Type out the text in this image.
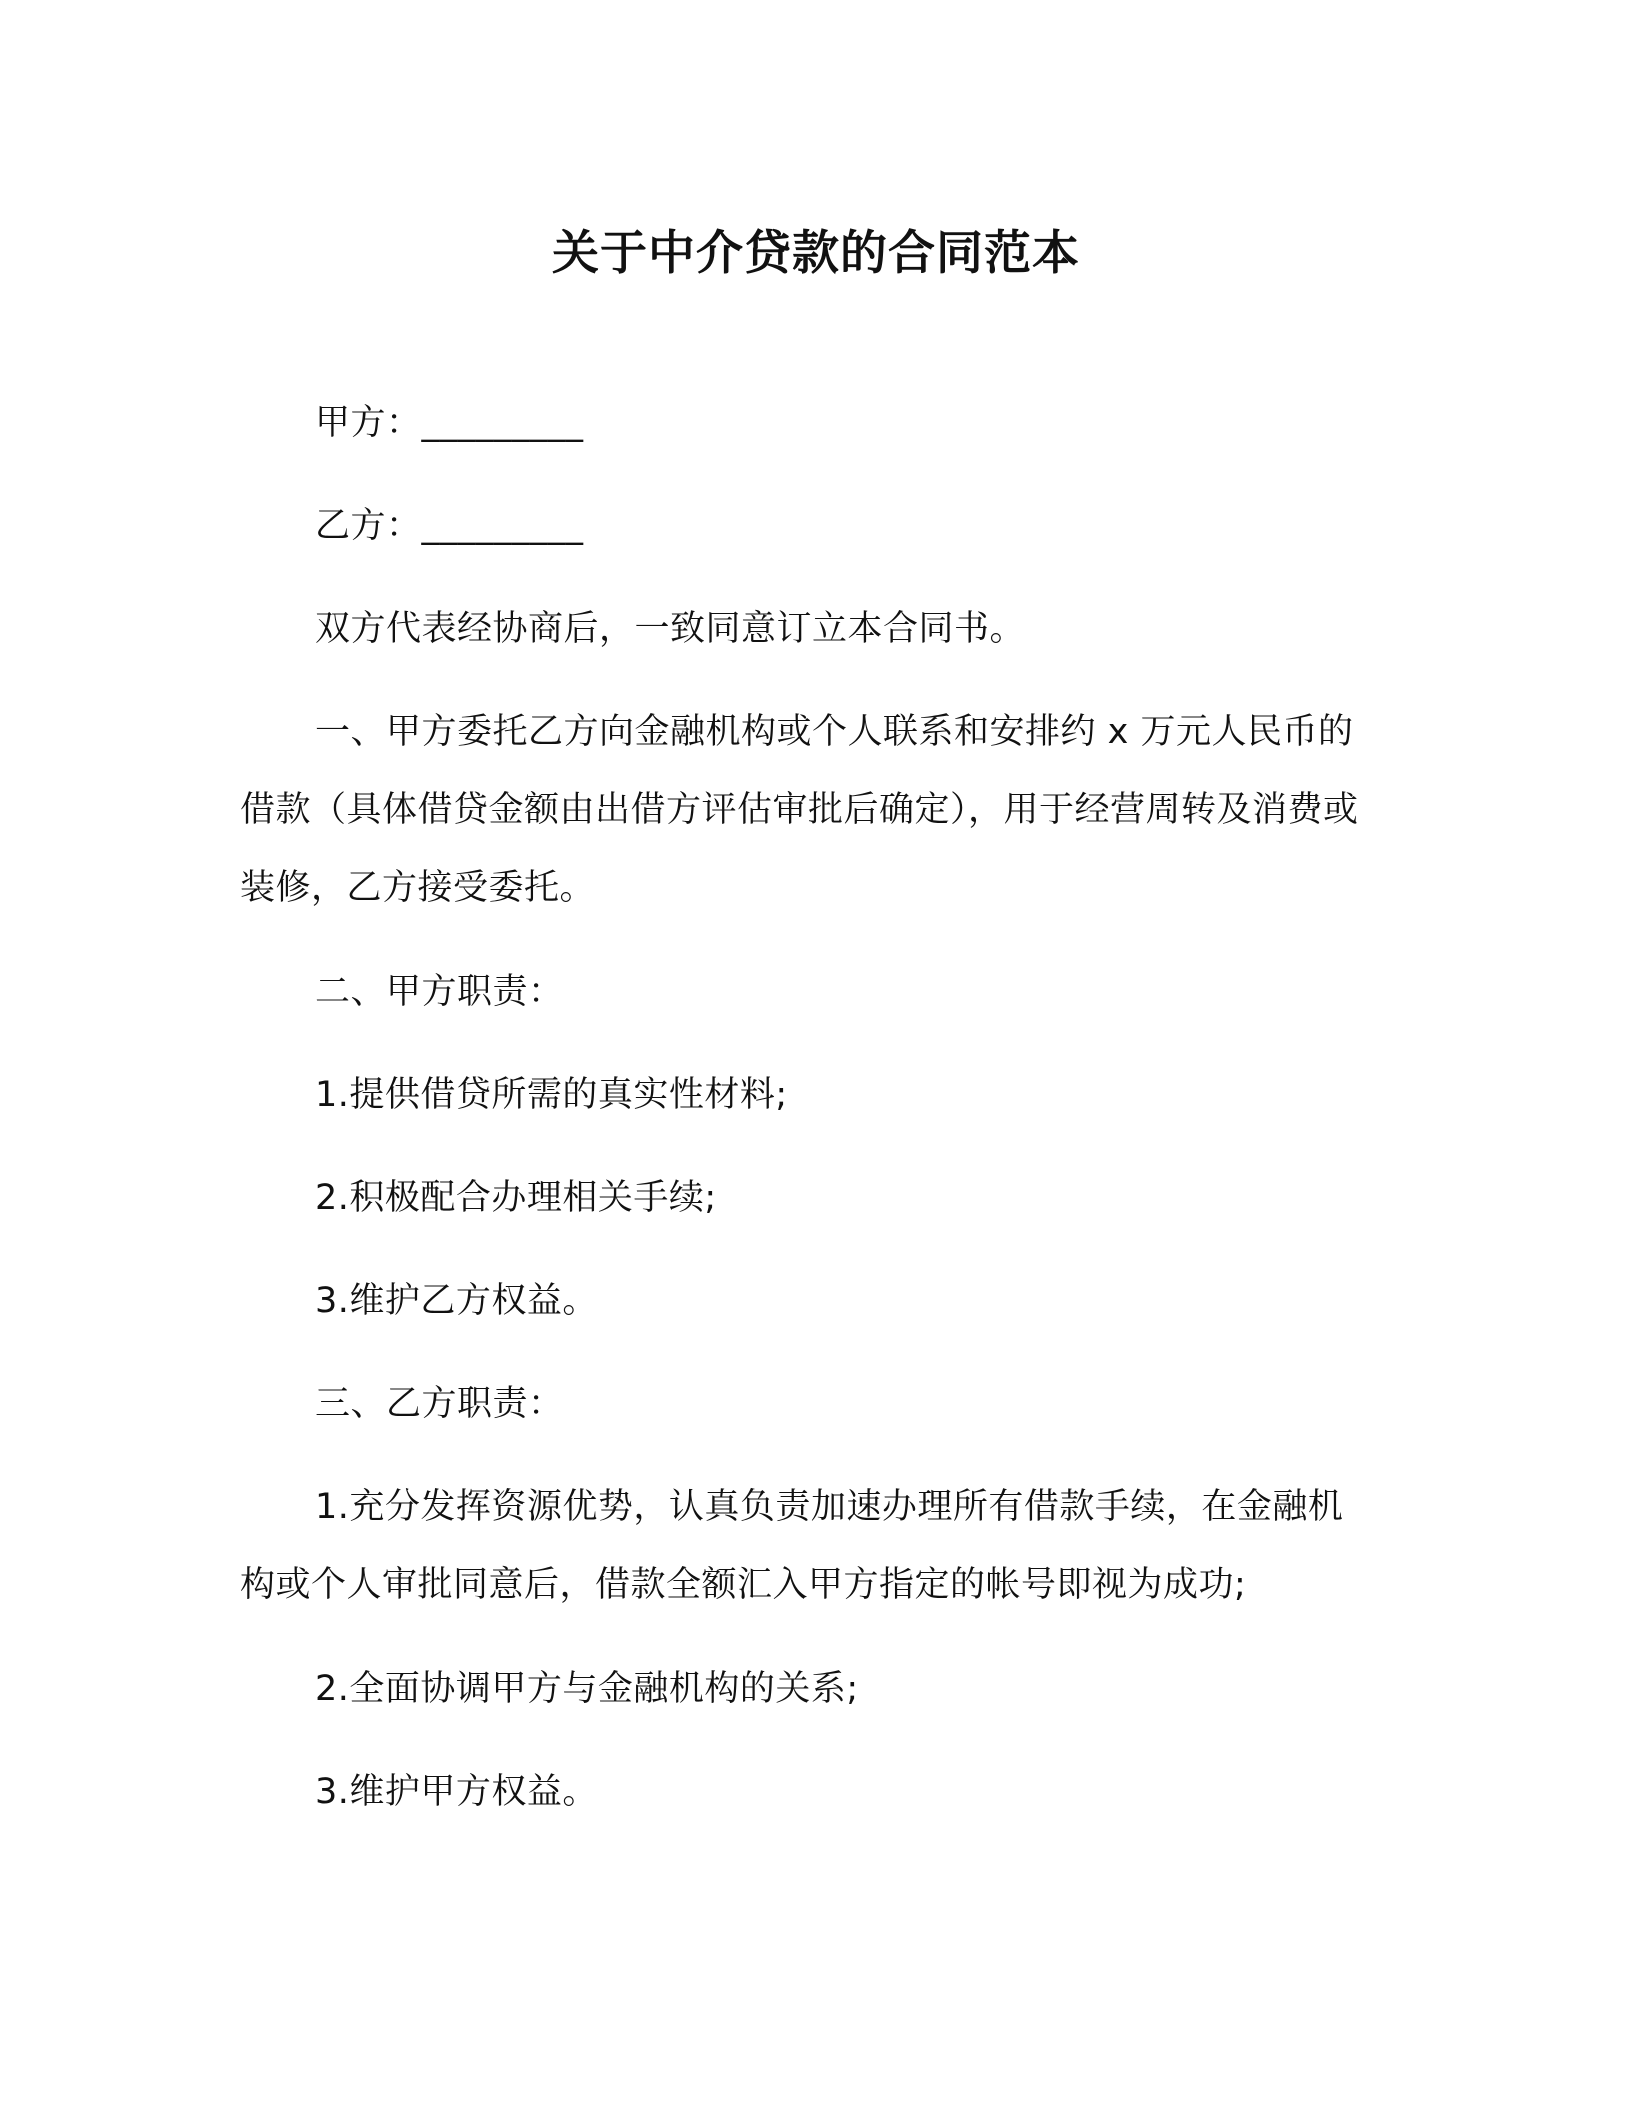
关于中介贷款的合同范本
甲方：_________
乙方：_________
双方代表经协商后，一致同意订立本合同书。
一、甲方委托乙方向金融机构或个人联系和安排约 x 万元人民币的借款（具体借贷金额由出借方评估审批后确定），用于经营周转及消费或装修，乙方接受委托。
二、甲方职责：
1.提供借贷所需的真实性材料;
2.积极配合办理相关手续;
3.维护乙方权益。
三、乙方职责：
1.充分发挥资源优势，认真负责加速办理所有借款手续，在金融机构或个人审批同意后，借款全额汇入甲方指定的帐号即视为成功;
2.全面协调甲方与金融机构的关系;
3.维护甲方权益。
